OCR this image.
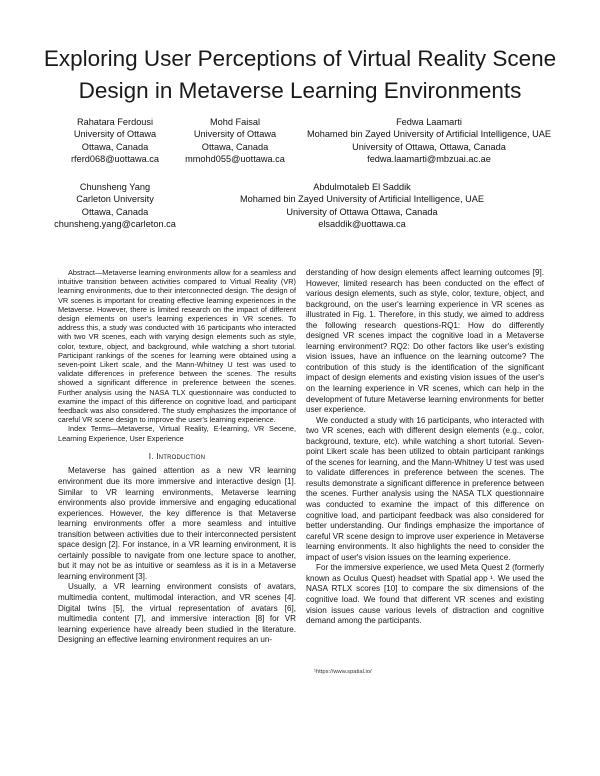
Exploring User Perceptions of Virtual Reality Scene
Design in Metaverse Learning Environments
Rahatara Ferdousi
University of Ottawa
Ottawa, Canada
rferd068@uottawa.ca
Mohd Faisal
University of Ottawa
Ottawa, Canada
mmohd055@uottawa.ca
Fedwa Laamarti
Mohamed bin Zayed University of Artificial Intelligence, UAE
University of Ottawa, Ottawa, Canada
fedwa.laamarti@mbzuai.ac.ae
Chunsheng Yang
Carleton University
Ottawa, Canada
chunsheng.yang@carleton.ca
Abdulmotaleb El Saddik
Mohamed bin Zayed University of Artificial Intelligence, UAE
University of Ottawa Ottawa, Canada
elsaddik@uottawa.ca

Abstract—Metaverse learning environments allow for a seamless and intuitive transition between activities compared to Virtual Reality (VR) learning environments, due to their interconnected design. The design of VR scenes is important for creating effective learning experiences in the Metaverse. However, there is limited research on the impact of different design elements on user's learning experiences in VR scenes. To address this, a study was conducted with 16 participants who interacted with two VR scenes, each with varying design elements such as style, color, texture, object, and background, while watching a short tutorial. Participant rankings of the scenes for learning were obtained using a seven-point Likert scale, and the Mann-Whitney U test was used to validate differences in preference between the scenes. The results showed a significant difference in preference between the scenes. Further analysis using the NASA TLX questionnaire was conducted to examine the impact of this difference on cognitive load, and participant feedback was also considered. The study emphasizes the importance of careful VR scene design to improve the user's learning experience.

Index Terms—Metaverse, Virtual Reality, E-learning, VR Secene, Learning Experience, User Experience

I. Introduction

Metaverse has gained attention as a new VR learning environment due its more immersive and interactive design [1]. Similar to VR learning environments, Metaverse learning environments also provide immersive and engaging educational experiences. However, the key difference is that Metaverse learning environments offer a more seamless and intuitive transition between activities due to their interconnected persistent space design [2]. For instance, in a VR learning environment, it is certainly possible to navigate from one lecture space to another, but it may not be as intuitive or seamless as it is in a Metaverse learning environment [3].

Usually, a VR learning environment consists of avatars, multimedia content, multimodal interaction, and VR scenes [4]. Digital twins [5], the virtual representation of avatars [6], multimedia content [7], and immersive interaction [8] for VR learning experience have already been studied in the literature. Designing an effective learning environment requires an un-

derstanding of how design elements affect learning outcomes [9]. However, limited research has been conducted on the effect of various design elements, such as style, color, texture, object, and background, on the user's learning experience in VR scenes as illustrated in Fig. 1. Therefore, in this study, we aimed to address the following research questions-RQ1: How do differently designed VR scenes impact the cognitive load in a Metaverse learning environment? RQ2: Do other factors like user's existing vision issues, have an influence on the learning outcome? The contribution of this study is the identification of the significant impact of design elements and existing vision issues of the user's on the learning experience in VR scenes, which can help in the development of future Metaverse learning environments for better user experience.

We conducted a study with 16 participants, who interacted with two VR scenes, each with different design elements (e.g., color, background, texture, etc). while watching a short tutorial. Seven-point Likert scale has been utilized to obtain participant rankings of the scenes for learning, and the Mann-Whitney U test was used to validate differences in preference between the scenes. The results demonstrate a significant difference in preference between the scenes. Further analysis using the NASA TLX questionnaire was conducted to examine the impact of this difference on cognitive load, and participant feedback was also considered for better understanding. Our findings emphasize the importance of careful VR scene design to improve user experience in Metaverse learning environments. It also highlights the need to consider the impact of user's vision issues on the learning experience.

For the immersive experience, we used Meta Quest 2 (formerly known as Oculus Quest) headset with Spatial app ¹. We used the NASA RTLX scores [10] to compare the six dimensions of the cognitive load. We found that different VR scenes and existing vision issues cause various levels of distraction and cognitive demand among the participants.

¹https://www.spatial.io/
